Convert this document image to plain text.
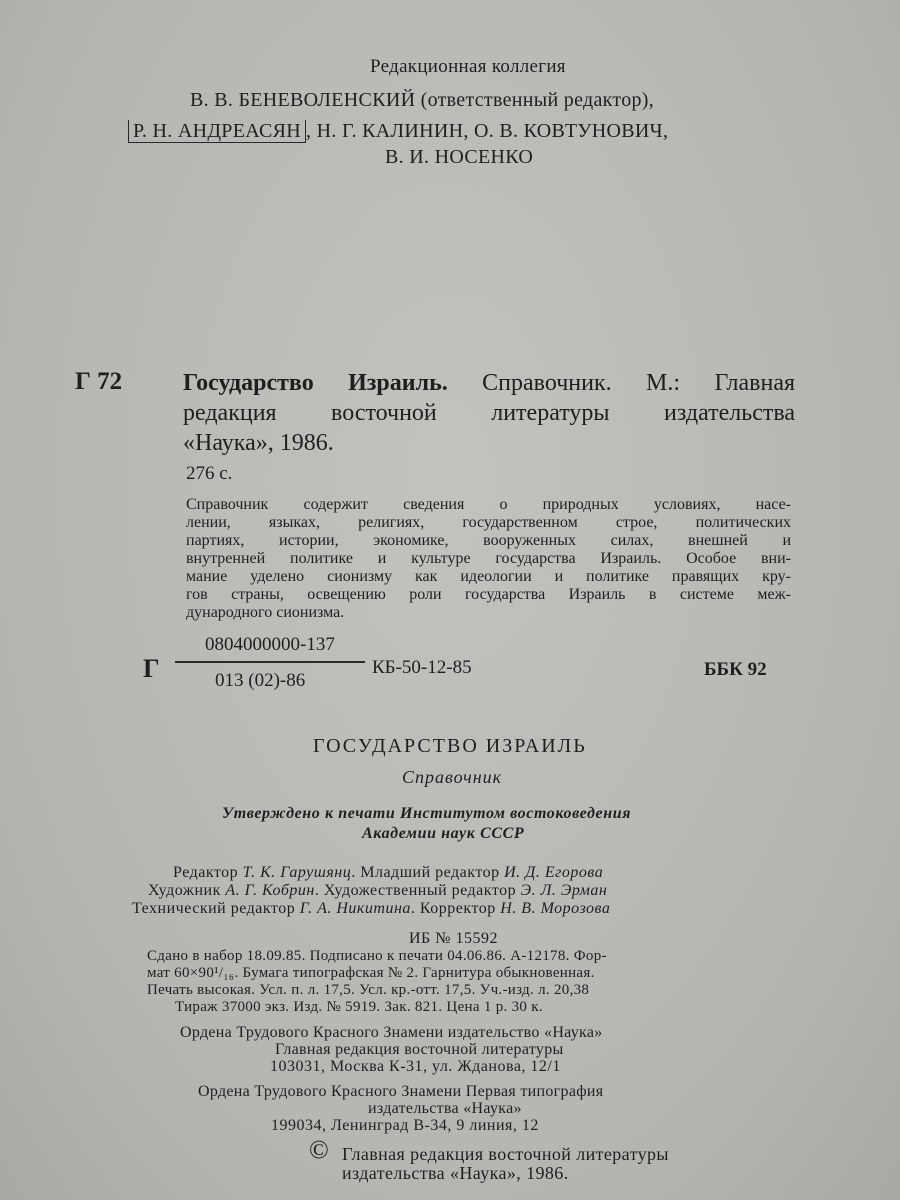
Редакционная коллегия
В. В. БЕНЕВОЛЕНСКИЙ (ответственный редактор),
Р. Н. АНДРЕАСЯН , Н. Г. КАЛИНИН, О. В. КОВТУНОВИЧ,
В. И. НОСЕНКО
Г 72	Государство Израиль. Справочник. М.: Главная
редакция восточной литературы издательства
«Наука», 1986.
276 с.
Справочник содержит сведения о природных условиях, насе-
лении, языках, религиях, государственном строе, политических
партиях, истории, экономике, вооруженных силах, внешней и
внутренней политике и культуре государства Израиль. Особое вни-
мание уделено сионизму как идеологии и политике правящих кру-
гов страны, освещению роли государства Израиль в системе меж-
дународного сионизма.
Г
0804000000-137
013 (02)-86
КБ-50-12-85	ББК 92
ГОСУДАРСТВО ИЗРАИЛЬ
Справочник
Утверждено к печати Институтом востоковедения
Академии наук СССР
Редактор Т. К. Гарушянц. Младший редактор И. Д. Егорова
Художник А. Г. Кобрин. Художественный редактор Э. Л. Эрман
Технический редактор Г. А. Никитина. Корректор Н. В. Морозова
ИБ № 15592
Сдано в набор 18.09.85. Подписано к печати 04.06.86. А-12178. Фор-
мат 60×90¹/₁₆. Бумага типографская № 2. Гарнитура обыкновенная.
Печать высокая. Усл. п. л. 17,5. Усл. кр.-отт. 17,5. Уч.-изд. л. 20,38
Тираж 37000 экз. Изд. № 5919. Зак. 821. Цена 1 р. 30 к.
Ордена Трудового Красного Знамени издательство «Наука»
Главная редакция восточной литературы
103031, Москва К-31, ул. Жданова, 12/1
Ордена Трудового Красного Знамени Первая типография
издательства «Наука»
199034, Ленинград В-34, 9 линия, 12
© Главная редакция восточной литературы
издательства «Наука», 1986.
